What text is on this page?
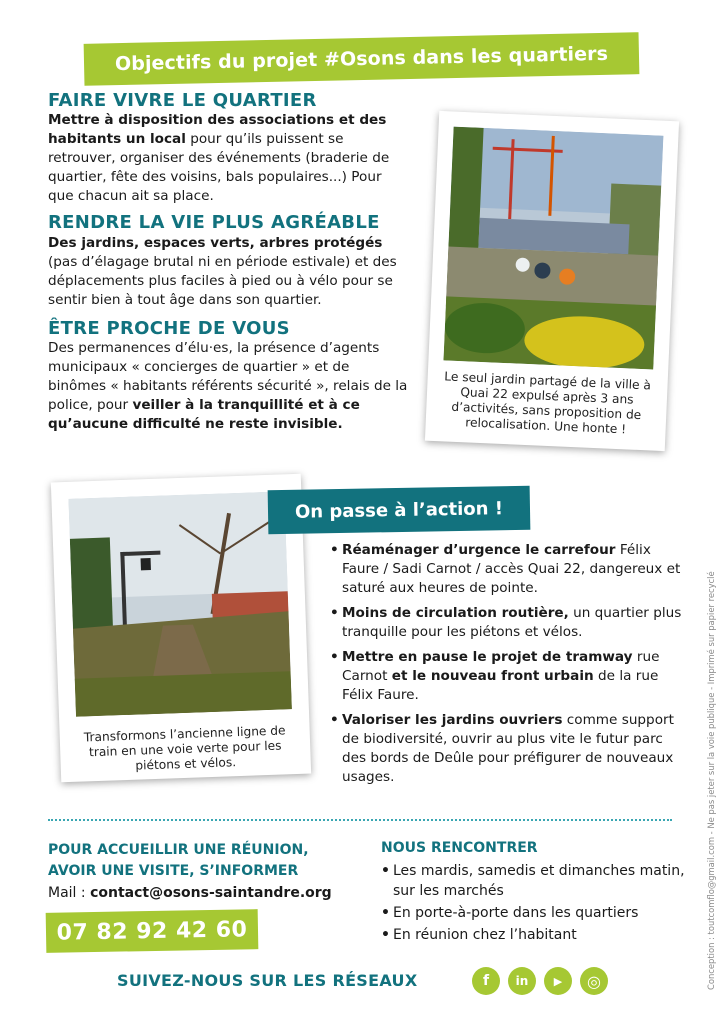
Objectifs du projet #Osons dans les quartiers
FAIRE VIVRE LE QUARTIER
Mettre à disposition des associations et des habitants un local pour qu’ils puissent se retrouver, organiser des événements (braderie de quartier, fête des voisins, bals populaires...) Pour que chacun ait sa place.
RENDRE LA VIE PLUS AGRÉABLE
Des jardins, espaces verts, arbres protégés (pas d’élagage brutal ni en période estivale) et des déplacements plus faciles à pied ou à vélo pour se sentir bien à tout âge dans son quartier.
ÊTRE PROCHE DE VOUS
Des permanences d’élu·es, la présence d’agents municipaux « concierges de quartier » et de binômes « habitants référents sécurité », relais de la police, pour veiller à la tranquillité et à ce qu’aucune difficulté ne reste invisible.
Le seul jardin partagé de la ville à Quai 22 expulsé après 3 ans d’activités, sans proposition de relocalisation. Une honte !
Transformons l’ancienne ligne de train en une voie verte pour les piétons et vélos.
On passe à l’action !
• Réaménager d’urgence le carrefour Félix Faure / Sadi Carnot / accès Quai 22, dangereux et saturé aux heures de pointe.
• Moins de circulation routière, un quartier plus tranquille pour les piétons et vélos.
• Mettre en pause le projet de tramway rue Carnot et le nouveau front urbain de la rue Félix Faure.
• Valoriser les jardins ouvriers comme support de biodiversité, ouvrir au plus vite le futur parc des bords de Deûle pour préfigurer de nouveaux usages.
POUR ACCUEILLIR UNE RÉUNION,
AVOIR UNE VISITE, S’INFORMER
Mail : contact@osons-saintandre.org
07 82 92 42 60
NOUS RENCONTRER
• Les mardis, samedis et dimanches matin, sur les marchés
• En porte-à-porte dans les quartiers
• En réunion chez l’habitant
SUIVEZ-NOUS SUR LES RÉSEAUX	f	in	▶	◎	Conception : toutcomflo@gmail.com - Ne pas jeter sur la voie publique - Imprimé sur papier recyclé
